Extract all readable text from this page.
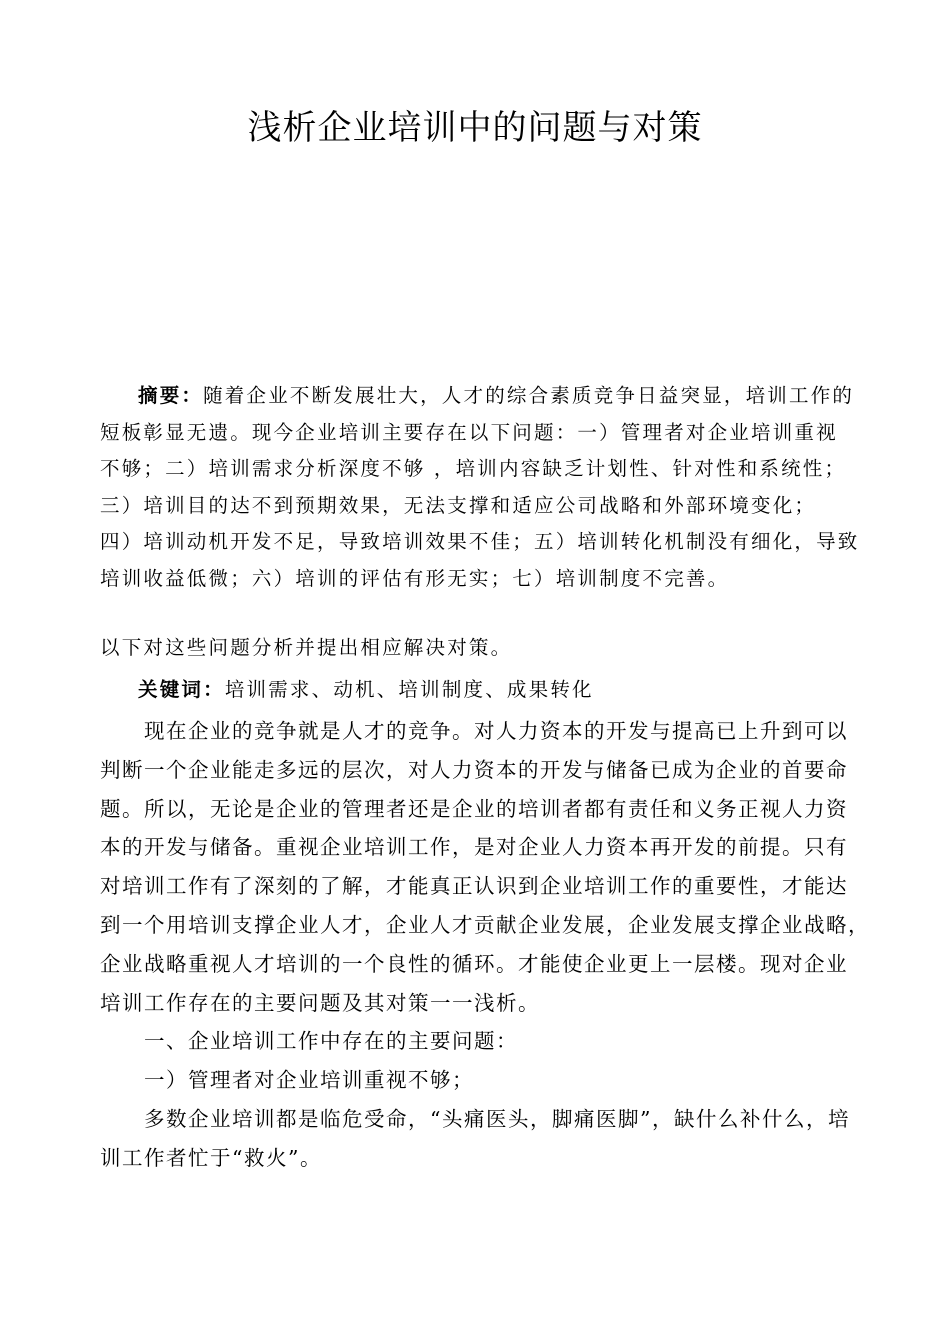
浅析企业培训中的问题与对策
摘要：随着企业不断发展壮大，人才的综合素质竞争日益突显，培训工作的
短板彰显无遗。现今企业培训主要存在以下问题：一）管理者对企业培训重视
不够；二）培训需求分析深度不够 ，培训内容缺乏计划性、针对性和系统性；
三）培训目的达不到预期效果，无法支撑和适应公司战略和外部环境变化；
四）培训动机开发不足，导致培训效果不佳；五）培训转化机制没有细化，导致
培训收益低微；六）培训的评估有形无实；七）培训制度不完善。

以下对这些问题分析并提出相应解决对策。

关键词：培训需求、动机、培训制度、成果转化

现在企业的竞争就是人才的竞争。对人力资本的开发与提高已上升到可以
判断一个企业能走多远的层次，对人力资本的开发与储备已成为企业的首要命
题。所以，无论是企业的管理者还是企业的培训者都有责任和义务正视人力资
本的开发与储备。重视企业培训工作，是对企业人力资本再开发的前提。只有
对培训工作有了深刻的了解，才能真正认识到企业培训工作的重要性，才能达
到一个用培训支撑企业人才，企业人才贡献企业发展，企业发展支撑企业战略，
企业战略重视人才培训的一个良性的循环。才能使企业更上一层楼。现对企业
培训工作存在的主要问题及其对策一一浅析。
一、企业培训工作中存在的主要问题：
一）管理者对企业培训重视不够；
多数企业培训都是临危受命，“头痛医头，脚痛医脚”，缺什么补什么，培
训工作者忙于“救火”。
